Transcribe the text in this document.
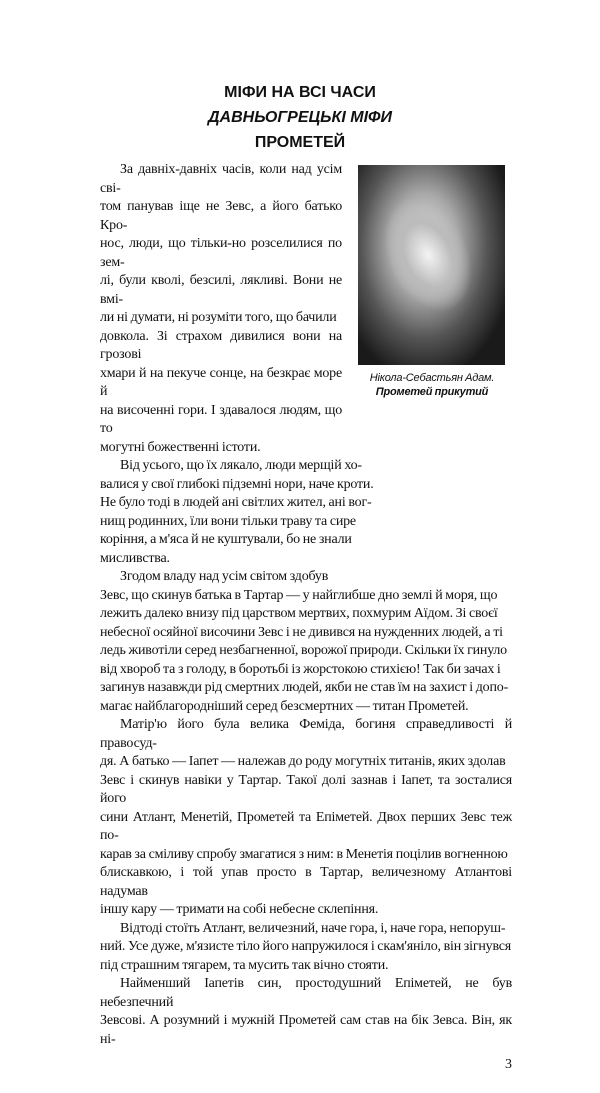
МІФИ НА ВСІ ЧАСИ
ДАВНЬОГРЕЦЬКІ МІФИ
ПРОМЕТЕЙ
Нікола-Себастьян Адам.
Прометей прикутий
За давніх-давніх часів, коли над усім сві-
том панував іще не Зевс, а його батько Кро-
нос, люди, що тільки-но розселилися по зем-
лі, були кволі, безсилі, лякливі. Вони не вмі-
ли ні думати, ні розуміти того, що бачили
довкола. Зі страхом дивилися вони на грозові
хмари й на пекуче сонце, на безкрає море й
на височенні гори. І здавалося людям, що то
могутні божественні істоти.
Від усього, що їх лякало, люди мерщій хо-
валися у свої глибокі підземні нори, наче кроти.
Не було тоді в людей ані світлих жител, ані вог-
нищ родинних, їли вони тільки траву та сире
коріння, а м'яса й не куштували, бо не знали
мисливства.
Згодом владу над усім світом здобув
Зевс, що скинув батька в Тартар — у найглибше дно землі й моря, що
лежить далеко внизу під царством мертвих, похмурим Аїдом. Зі своєї
небесної осяйної височини Зевс і не дивився на нужденних людей, а ті
ледь животіли серед незбагненної, ворожої природи. Скільки їх гинуло
від хвороб та з голоду, в боротьбі із жорстокою стихією! Так би зачах і
загинув назавжди рід смертних людей, якби не став їм на захист і допо-
магає найблагородніший серед безсмертних — титан Прометей.
Матір'ю його була велика Феміда, богиня справедливості й правосуд-
дя. А батько — Іапет — належав до роду могутніх титанів, яких здолав
Зевс і скинув навіки у Тартар. Такої долі зазнав і Іапет, та зосталися його
сини Атлант, Менетій, Прометей та Епіметей. Двох перших Зевс теж по-
карав за сміливу спробу змагатися з ним: в Менетія поцілив вогненною
блискавкою, і той упав просто в Тартар, величезному Атлантові надумав
іншу кару — тримати на собі небесне склепіння.
Відтоді стоїть Атлант, величезний, наче гора, і, наче гора, непоруш-
ний. Усе дуже, м'язисте тіло його напружилося і скам'яніло, він зігнувся
під страшним тягарем, та мусить так вічно стояти.
Найменший Іапетів син, простодушний Епіметей, не був небезпечний
Зевсові. А розумний і мужній Прометей сам став на бік Зевса. Він, як ні-
3
